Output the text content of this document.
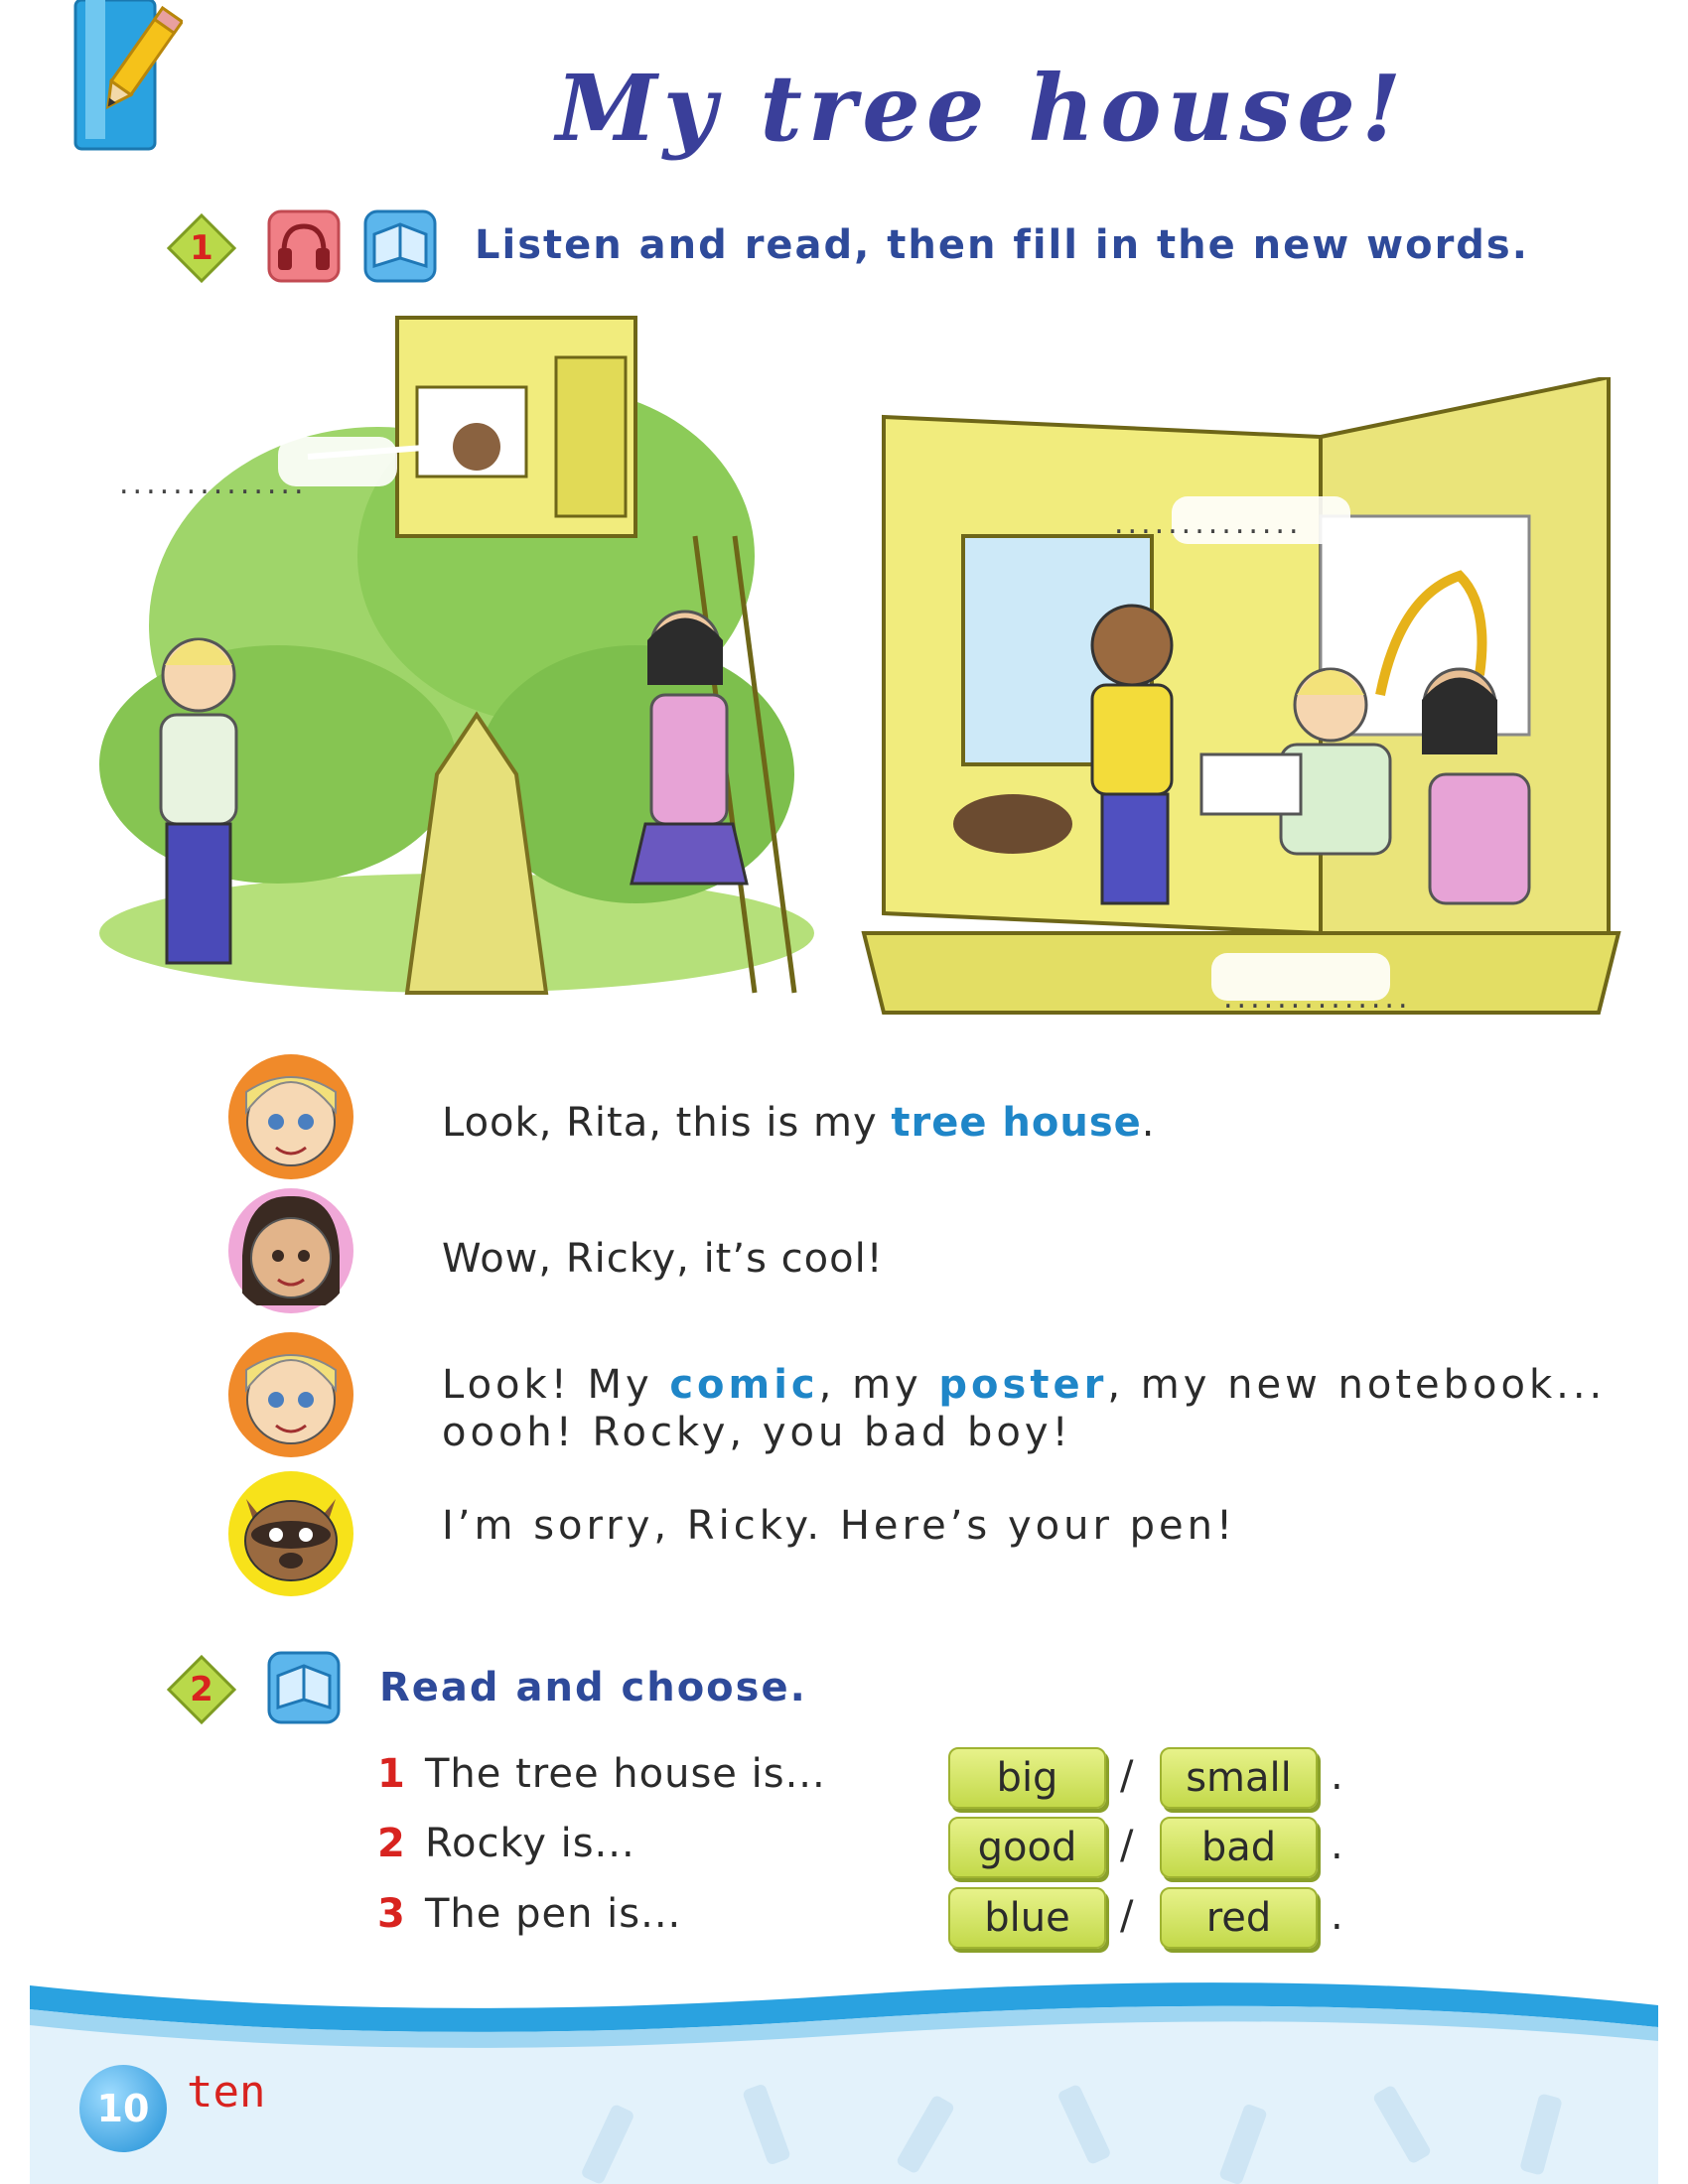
My tree house!
1	Listen and read, then fill in the new words.
..............
..............
..............
Look, Rita, this is my tree house.
Wow, Ricky, it’s cool!
Look! My comic, my poster, my new notebook...
oooh! Rocky, you bad boy!
I’m sorry, Ricky. Here’s your pen!
2	Read and choose.
1 The tree house is...	big	/	small .
2 Rocky is...	good	/	bad	.
3 The pen is...	blue	/	red	.
10 ten
